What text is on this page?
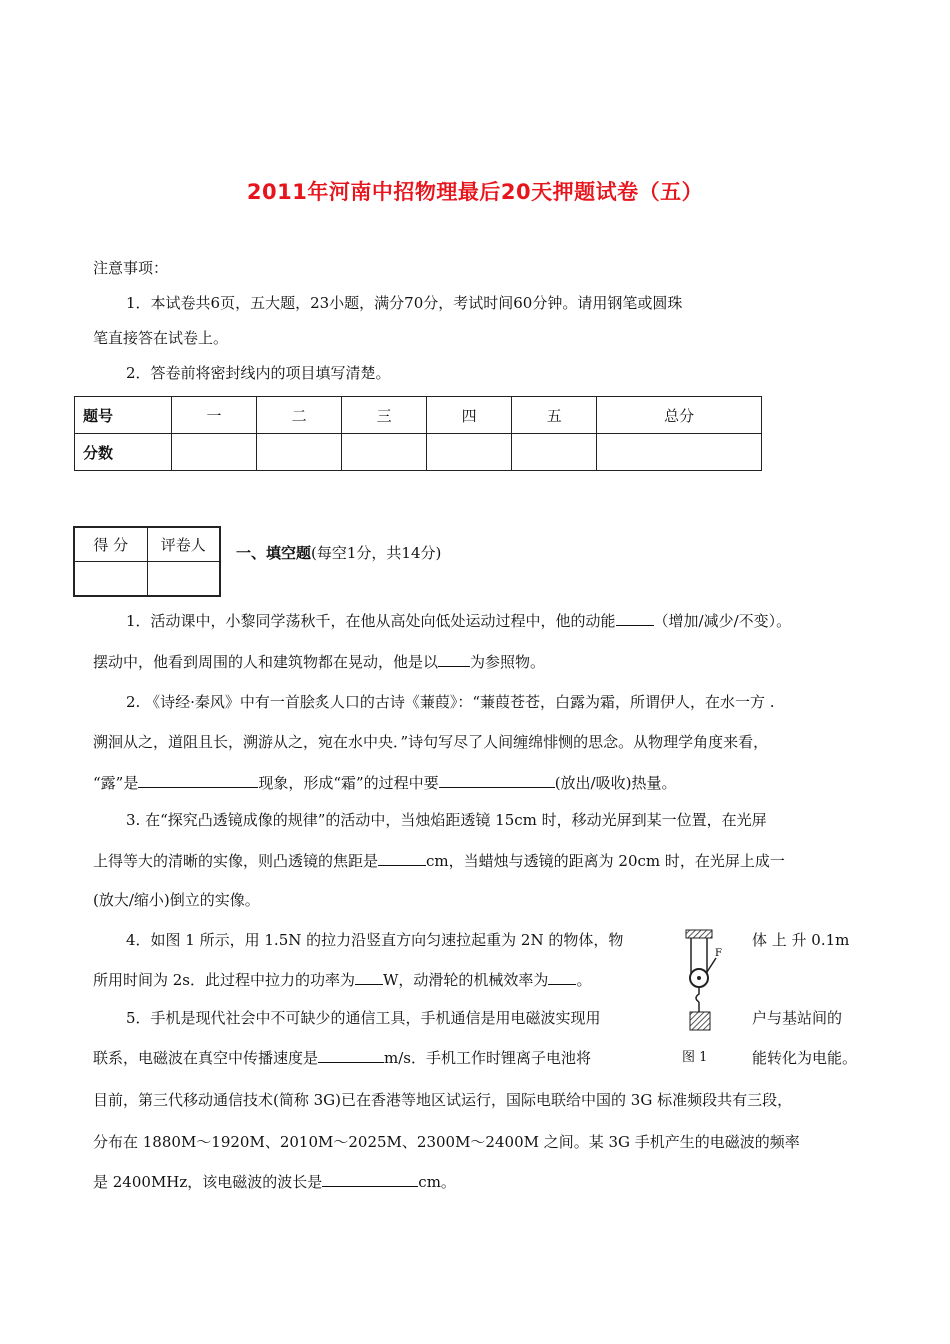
2011年河南中招物理最后20天押题试卷（五）
注意事项：
1．本试卷共6页，五大题，23小题，满分70分，考试时间60分钟。请用钢笔或圆珠
笔直接答在试卷上。
2．答卷前将密封线内的项目填写清楚。
题号	一	二	三	四	五	总分
分数						
得 分	评卷人
	一、填空题(每空1分，共14分)
1．活动课中，小黎同学荡秋千，在他从高处向低处运动过程中，他的动能	（增加/减少/不变）。
摆动中，他看到周围的人和建筑物都在晃动，他是以 为参照物。
2. 《诗经·秦风》中有一首脍炙人口的古诗《蒹葭》：“蒹葭苍苍，白露为霜，所谓伊人，在水一方 .
溯洄从之，道阻且长，溯游从之，宛在水中央．”诗句写尽了人间缠绵悱恻的思念。从物理学角度来看，
“露”是	现象，形成“霜”的过程中要	(放出/吸收)热量。
3. 在“探究凸透镜成像的规律”的活动中，当烛焰距透镜 15cm 时，移动光屏到某一位置，在光屏
上得等大的清晰的实像，则凸透镜的焦距是	cm，当蜡烛与透镜的距离为 20cm 时，在光屏上成一
(放大/缩小)倒立的实像。
4．如图 1 所示，用 1.5N 的拉力沿竖直方向匀速拉起重为 2N 的物体，物	体 上 升 0.1m
所用时间为 2s．此过程中拉力的功率为 W，动滑轮的机械效率为 。
F
图 1
5．手机是现代社会中不可缺少的通信工具，手机通信是用电磁波实现用	户与基站间的
联系，电磁波在真空中传播速度是	m/s．手机工作时锂离子电池将	能转化为电能。
目前，第三代移动通信技术(简称 3G)已在香港等地区试运行，国际电联给中国的 3G 标准频段共有三段，
分布在 1880M～1920M、2010M～2025M、2300M～2400M 之间。某 3G 手机产生的电磁波的频率
是 2400MHz，该电磁波的波长是	cm。
